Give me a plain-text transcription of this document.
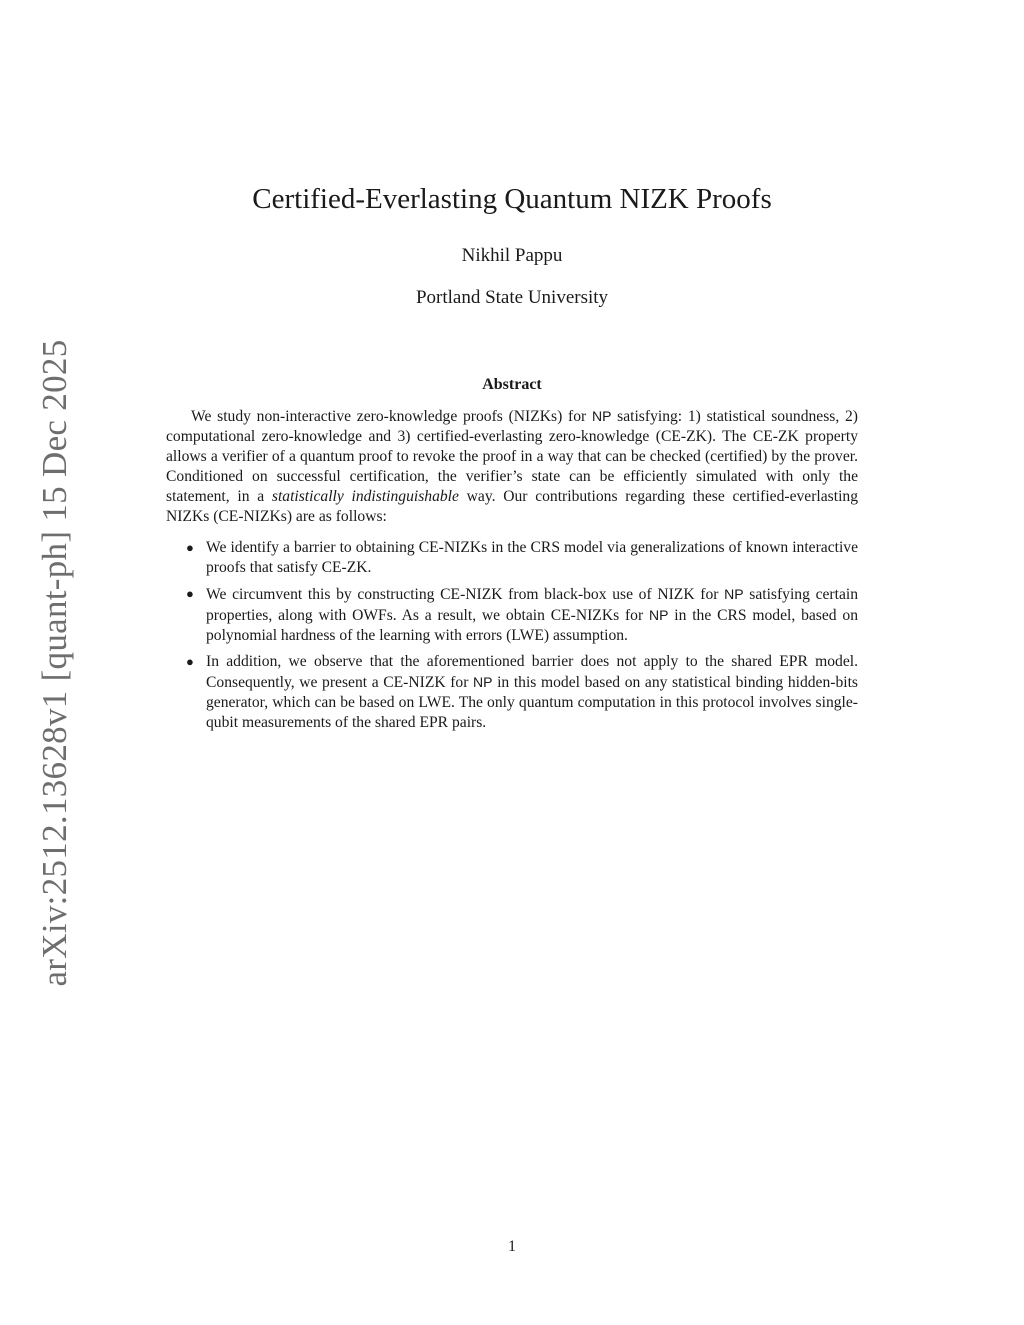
arXiv:2512.13628v1 [quant-ph] 15 Dec 2025
Certified-Everlasting Quantum NIZK Proofs
Nikhil Pappu
Portland State University
Abstract

We study non-interactive zero-knowledge proofs (NIZKs) for NP satisfying: 1) statistical soundness, 2) computational zero-knowledge and 3) certified-everlasting zero-knowledge (CE-ZK). The CE-ZK property allows a verifier of a quantum proof to revoke the proof in a way that can be checked (certified) by the prover. Conditioned on successful certification, the verifier’s state can be efficiently simulated with only the statement, in a statistically indistinguishable way. Our contributions regarding these certified-everlasting NIZKs (CE-NIZKs) are as follows:

● We identify a barrier to obtaining CE-NIZKs in the CRS model via generalizations of known interactive proofs that satisfy CE-ZK.
● We circumvent this by constructing CE-NIZK from black-box use of NIZK for NP satisfying certain properties, along with OWFs. As a result, we obtain CE-NIZKs for NP in the CRS model, based on polynomial hardness of the learning with errors (LWE) assumption.
● In addition, we observe that the aforementioned barrier does not apply to the shared EPR model. Consequently, we present a CE-NIZK for NP in this model based on any statistical binding hidden-bits generator, which can be based on LWE. The only quantum computation in this protocol involves single-qubit measurements of the shared EPR pairs.
1
